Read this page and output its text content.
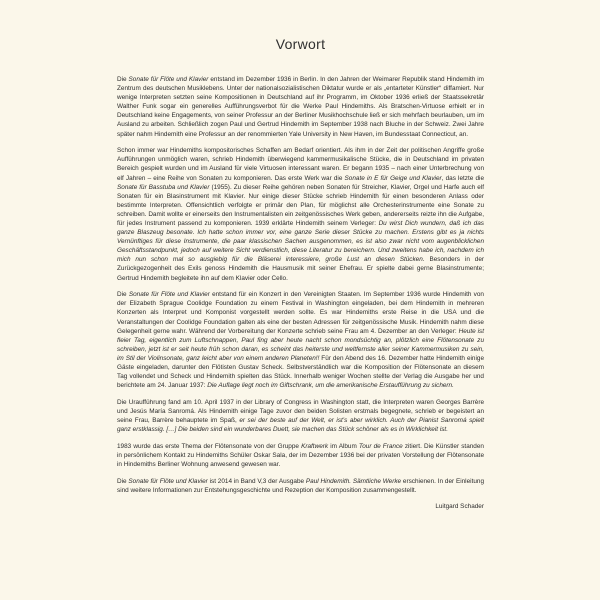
Vorwort

Die Sonate für Flöte und Klavier entstand im Dezember 1936 in Berlin. In den Jahren der Weimarer Republik stand Hindemith im Zentrum des deutschen Musiklebens. Unter der nationalsozialistischen Diktatur wurde er als „entarteter Künstler“ diffamiert. Nur wenige Interpreten setzten seine Kompositionen in Deutschland auf ihr Programm, im Oktober 1936 erließ der Staatssekretär Walther Funk sogar ein generelles Aufführungsverbot für die Werke Paul Hindemiths. Als Bratschen-Virtuose erhielt er in Deutschland keine Engagements, von seiner Professur an der Berliner Musikhochschule ließ er sich mehrfach beurlauben, um im Ausland zu arbeiten. Schließlich zogen Paul und Gertrud Hindemith im September 1938 nach Bluche in der Schweiz. Zwei Jahre später nahm Hindemith eine Professur an der renommierten Yale University in New Haven, im Bundesstaat Connecticut, an.

Schon immer war Hindemiths kompositorisches Schaffen am Bedarf orientiert. Als ihm in der Zeit der politischen Angriffe große Aufführungen unmöglich waren, schrieb Hindemith überwiegend kammermusikalische Stücke, die in Deutschland im privaten Bereich gespielt wurden und im Ausland für viele Virtuosen interessant waren. Er begann 1935 – nach einer Unterbrechung von elf Jahren – eine Reihe von Sonaten zu komponieren. Das erste Werk war die Sonate in E für Geige und Klavier, das letzte die Sonate für Basstuba und Klavier (1955). Zu dieser Reihe gehören neben Sonaten für Streicher, Klavier, Orgel und Harfe auch elf Sonaten für ein Blasinstrument mit Klavier. Nur einige dieser Stücke schrieb Hindemith für einen besonderen Anlass oder bestimmte Interpreten. Offensichtlich verfolgte er primär den Plan, für möglichst alle Orchesterinstrumente eine Sonate zu schreiben. Damit wollte er einerseits den Instrumentalisten ein zeitgenössisches Werk geben, andererseits reizte ihn die Aufgabe, für jedes Instrument passend zu komponieren. 1939 erklärte Hindemith seinem Verleger: Du wirst Dich wundern, daß ich das ganze Blaszeug besonate. Ich hatte schon immer vor, eine ganze Serie dieser Stücke zu machen. Erstens gibt es ja nichts Vernünftiges für diese Instrumente, die paar klassischen Sachen ausgenommen, es ist also zwar nicht vom augenblicklichen Geschäftsstandpunkt, jedoch auf weitere Sicht verdienstlich, diese Literatur zu bereichern. Und zweitens habe ich, nachdem ich mich nun schon mal so ausgiebig für die Bläserei interessiere, große Lust an diesen Stücken. Besonders in der Zurückgezogenheit des Exils genoss Hindemith die Hausmusik mit seiner Ehefrau. Er spielte dabei gerne Blasinstrumente; Gertrud Hindemith begleitete ihn auf dem Klavier oder Cello.

Die Sonate für Flöte und Klavier entstand für ein Konzert in den Vereinigten Staaten. Im September 1936 wurde Hindemith von der Elizabeth Sprague Coolidge Foundation zu einem Festival in Washington eingeladen, bei dem Hindemith in mehreren Konzerten als Interpret und Komponist vorgestellt werden sollte. Es war Hindemiths erste Reise in die USA und die Veranstaltungen der Coolidge Foundation galten als eine der besten Adressen für zeitgenössische Musik. Hindemith nahm diese Gelegenheit gerne wahr. Während der Vorbereitung der Konzerte schrieb seine Frau am 4. Dezember an den Verleger: Heute ist fleier Tag, eigentlich zum Luftschnappen, Paul fing aber heute nacht schon mondsüchtig an, plötzlich eine Flötensonate zu schreiben, jetzt ist er seit heute früh schon daran, es scheint das heiterste und weltfernste aller seiner Kammermusiken zu sein, im Stil der Violinsonate, ganz leicht aber von einem anderen Planeten!! Für den Abend des 16. Dezember hatte Hindemith einige Gäste eingeladen, darunter den Flötisten Gustav Scheck. Selbstverständlich war die Komposition der Flötensonate an diesem Tag vollendet und Scheck und Hindemith spielten das Stück. Innerhalb weniger Wochen stellte der Verlag die Ausgabe her und berichtete am 24. Januar 1937: Die Auflage liegt noch im Giftschrank, um die amerikanische Erstaufführung zu sichern.

Die Uraufführung fand am 10. April 1937 in der Library of Congress in Washington statt, die Interpreten waren Georges Barrère und Jesús María Sanromá. Als Hindemith einige Tage zuvor den beiden Solisten erstmals begegnete, schrieb er begeistert an seine Frau, Barrère behauptete im Spaß, er sei der beste auf der Welt, er ist’s aber wirklich. Auch der Pianist Sanromá spielt ganz erstklassig. […] Die beiden sind ein wunderbares Duett, sie machen das Stück schöner als es in Wirklichkeit ist.

1983 wurde das erste Thema der Flötensonate von der Gruppe Kraftwerk im Album Tour de France zitiert. Die Künstler standen in persönlichem Kontakt zu Hindemiths Schüler Oskar Sala, der im Dezember 1936 bei der privaten Vorstellung der Flötensonate in Hindemiths Berliner Wohnung anwesend gewesen war.

Die Sonate für Flöte und Klavier ist 2014 in Band V,3 der Ausgabe Paul Hindemith. Sämtliche Werke erschienen. In der Einleitung sind weitere Informationen zur Entstehungsgeschichte und Rezeption der Komposition zusammengestellt.

Luitgard Schader
